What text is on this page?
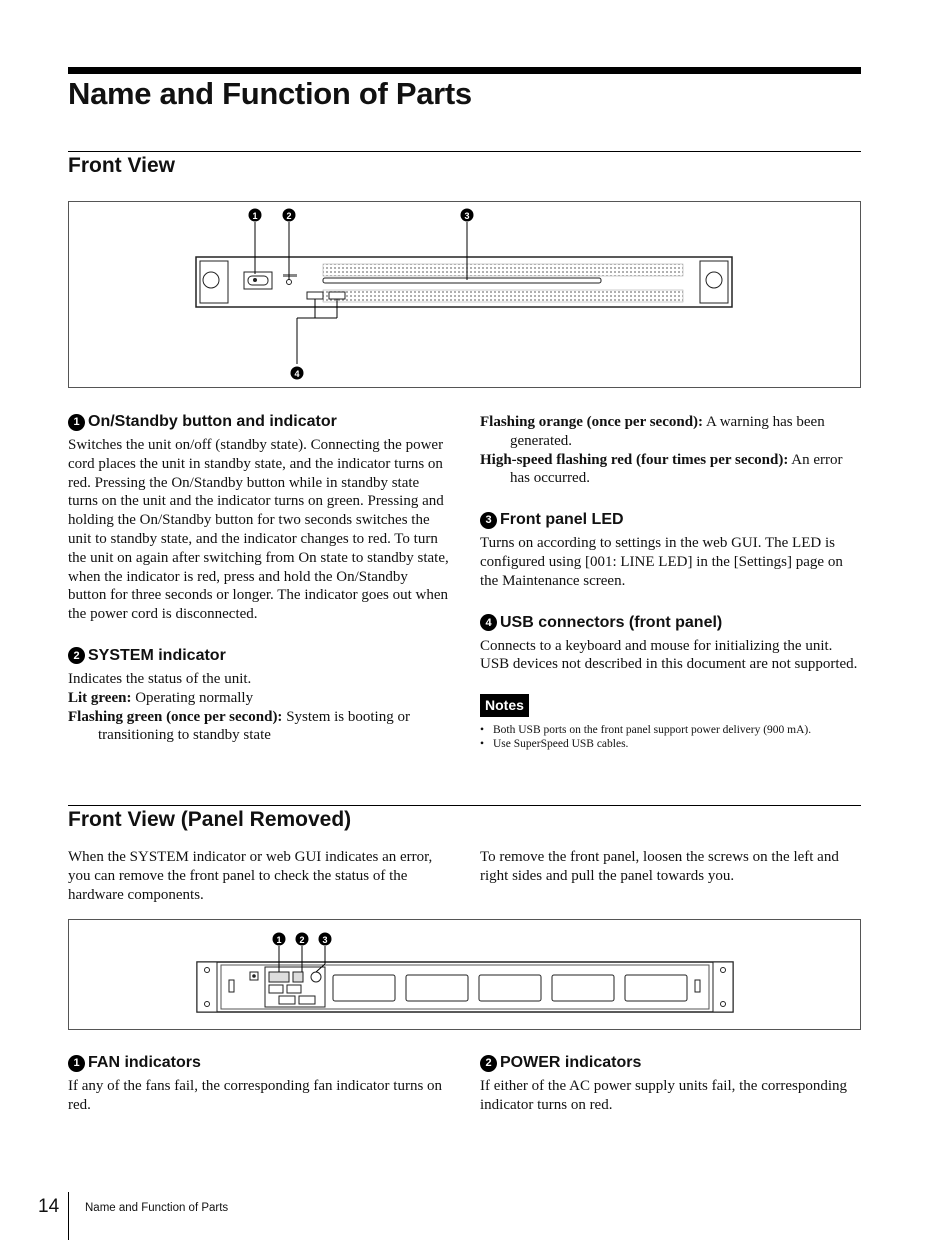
Name and Function of Parts
Front View
1	2	3
4
1 On/Standby button and indicator

Switches the unit on/off (standby state). Connecting the power cord places the unit in standby state, and the indicator turns on red. Pressing the On/Standby button while in standby state turns on the unit and the indicator turns on green. Pressing and holding the On/Standby button for two seconds switches the unit to standby state, and the indicator changes to red. To turn the unit on again after switching from On state to standby state, when the indicator is red, press and hold the On/Standby button for three seconds or longer. The indicator goes out when the power cord is disconnected.

2 SYSTEM indicator

Indicates the status of the unit.

Lit green: Operating normally

Flashing green (once per second): System is booting or transitioning to standby state

Flashing orange (once per second): A warning has been generated.

High-speed flashing red (four times per second): An error has occurred.

3 Front panel LED

Turns on according to settings in the web GUI. The LED is configured using [001: LINE LED] in the [Settings] page on the Maintenance screen.

4 USB connectors (front panel)

Connects to a keyboard and mouse for initializing the unit. USB devices not described in this document are not supported.

Notes
• Both USB ports on the front panel support power delivery (900 mA).
• Use SuperSpeed USB cables.
Front View (Panel Removed)

When the SYSTEM indicator or web GUI indicates an error, you can remove the front panel to check the status of the hardware components.

To remove the front panel, loosen the screws on the left and right sides and pull the panel towards you.

1 2 3
1 FAN indicators

If any of the fans fail, the corresponding fan indicator turns on red.

2 POWER indicators

If either of the AC power supply units fail, the corresponding indicator turns on red.

14 Name and Function of Parts
